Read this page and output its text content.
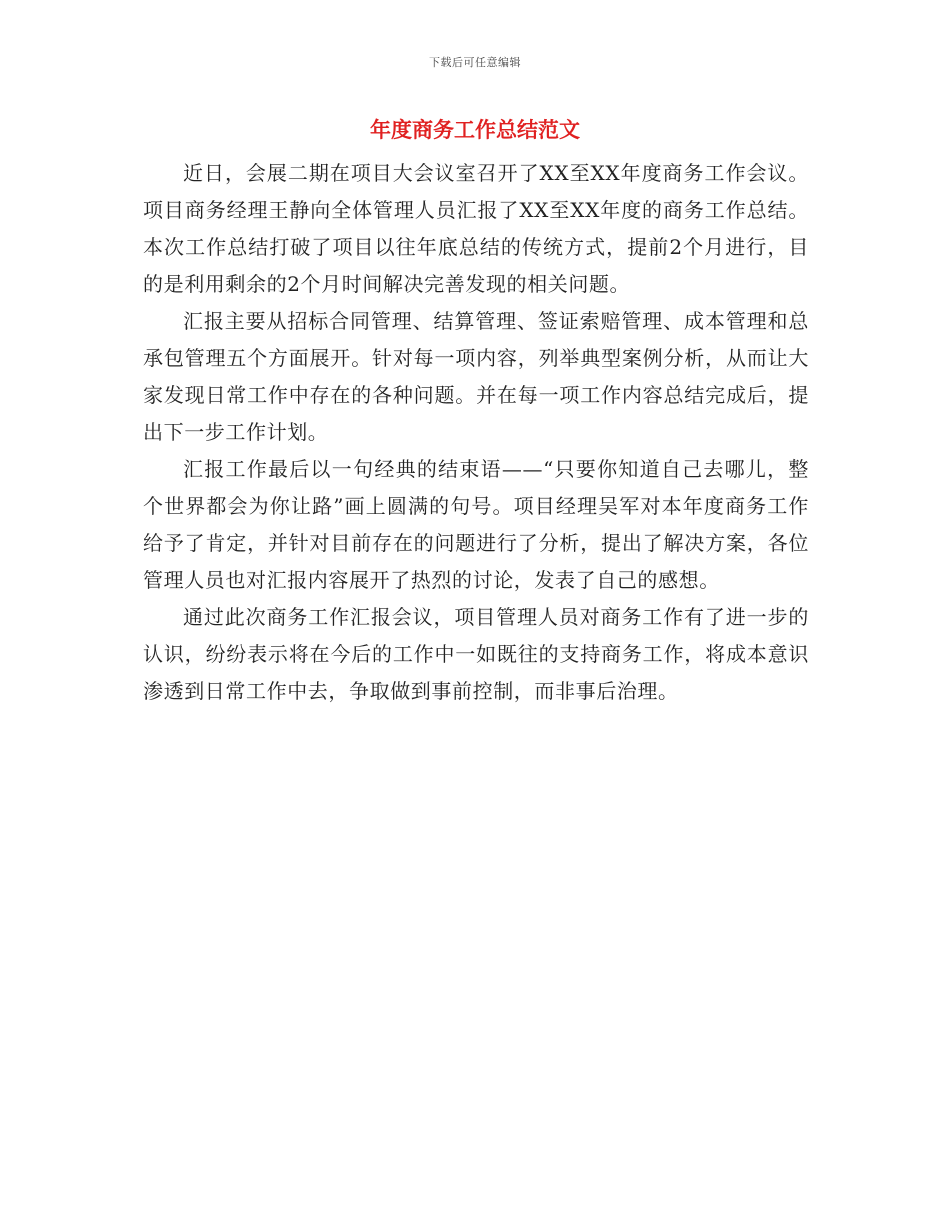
下载后可任意编辑
年度商务工作总结范文

近日，会展二期在项目大会议室召开了XX至XX年度商务工作会议。项目商务经理王静向全体管理人员汇报了XX至XX年度的商务工作总结。本次工作总结打破了项目以往年底总结的传统方式，提前2个月进行，目的是利用剩余的2个月时间解决完善发现的相关问题。

汇报主要从招标合同管理、结算管理、签证索赔管理、成本管理和总承包管理五个方面展开。针对每一项内容，列举典型案例分析，从而让大家发现日常工作中存在的各种问题。并在每一项工作内容总结完成后，提出下一步工作计划。

汇报工作最后以一句经典的结束语——“只要你知道自己去哪儿，整个世界都会为你让路”画上圆满的句号。项目经理吴军对本年度商务工作给予了肯定，并针对目前存在的问题进行了分析，提出了解决方案，各位管理人员也对汇报内容展开了热烈的讨论，发表了自己的感想。

通过此次商务工作汇报会议，项目管理人员对商务工作有了进一步的认识，纷纷表示将在今后的工作中一如既往的支持商务工作，将成本意识渗透到日常工作中去，争取做到事前控制，而非事后治理。
